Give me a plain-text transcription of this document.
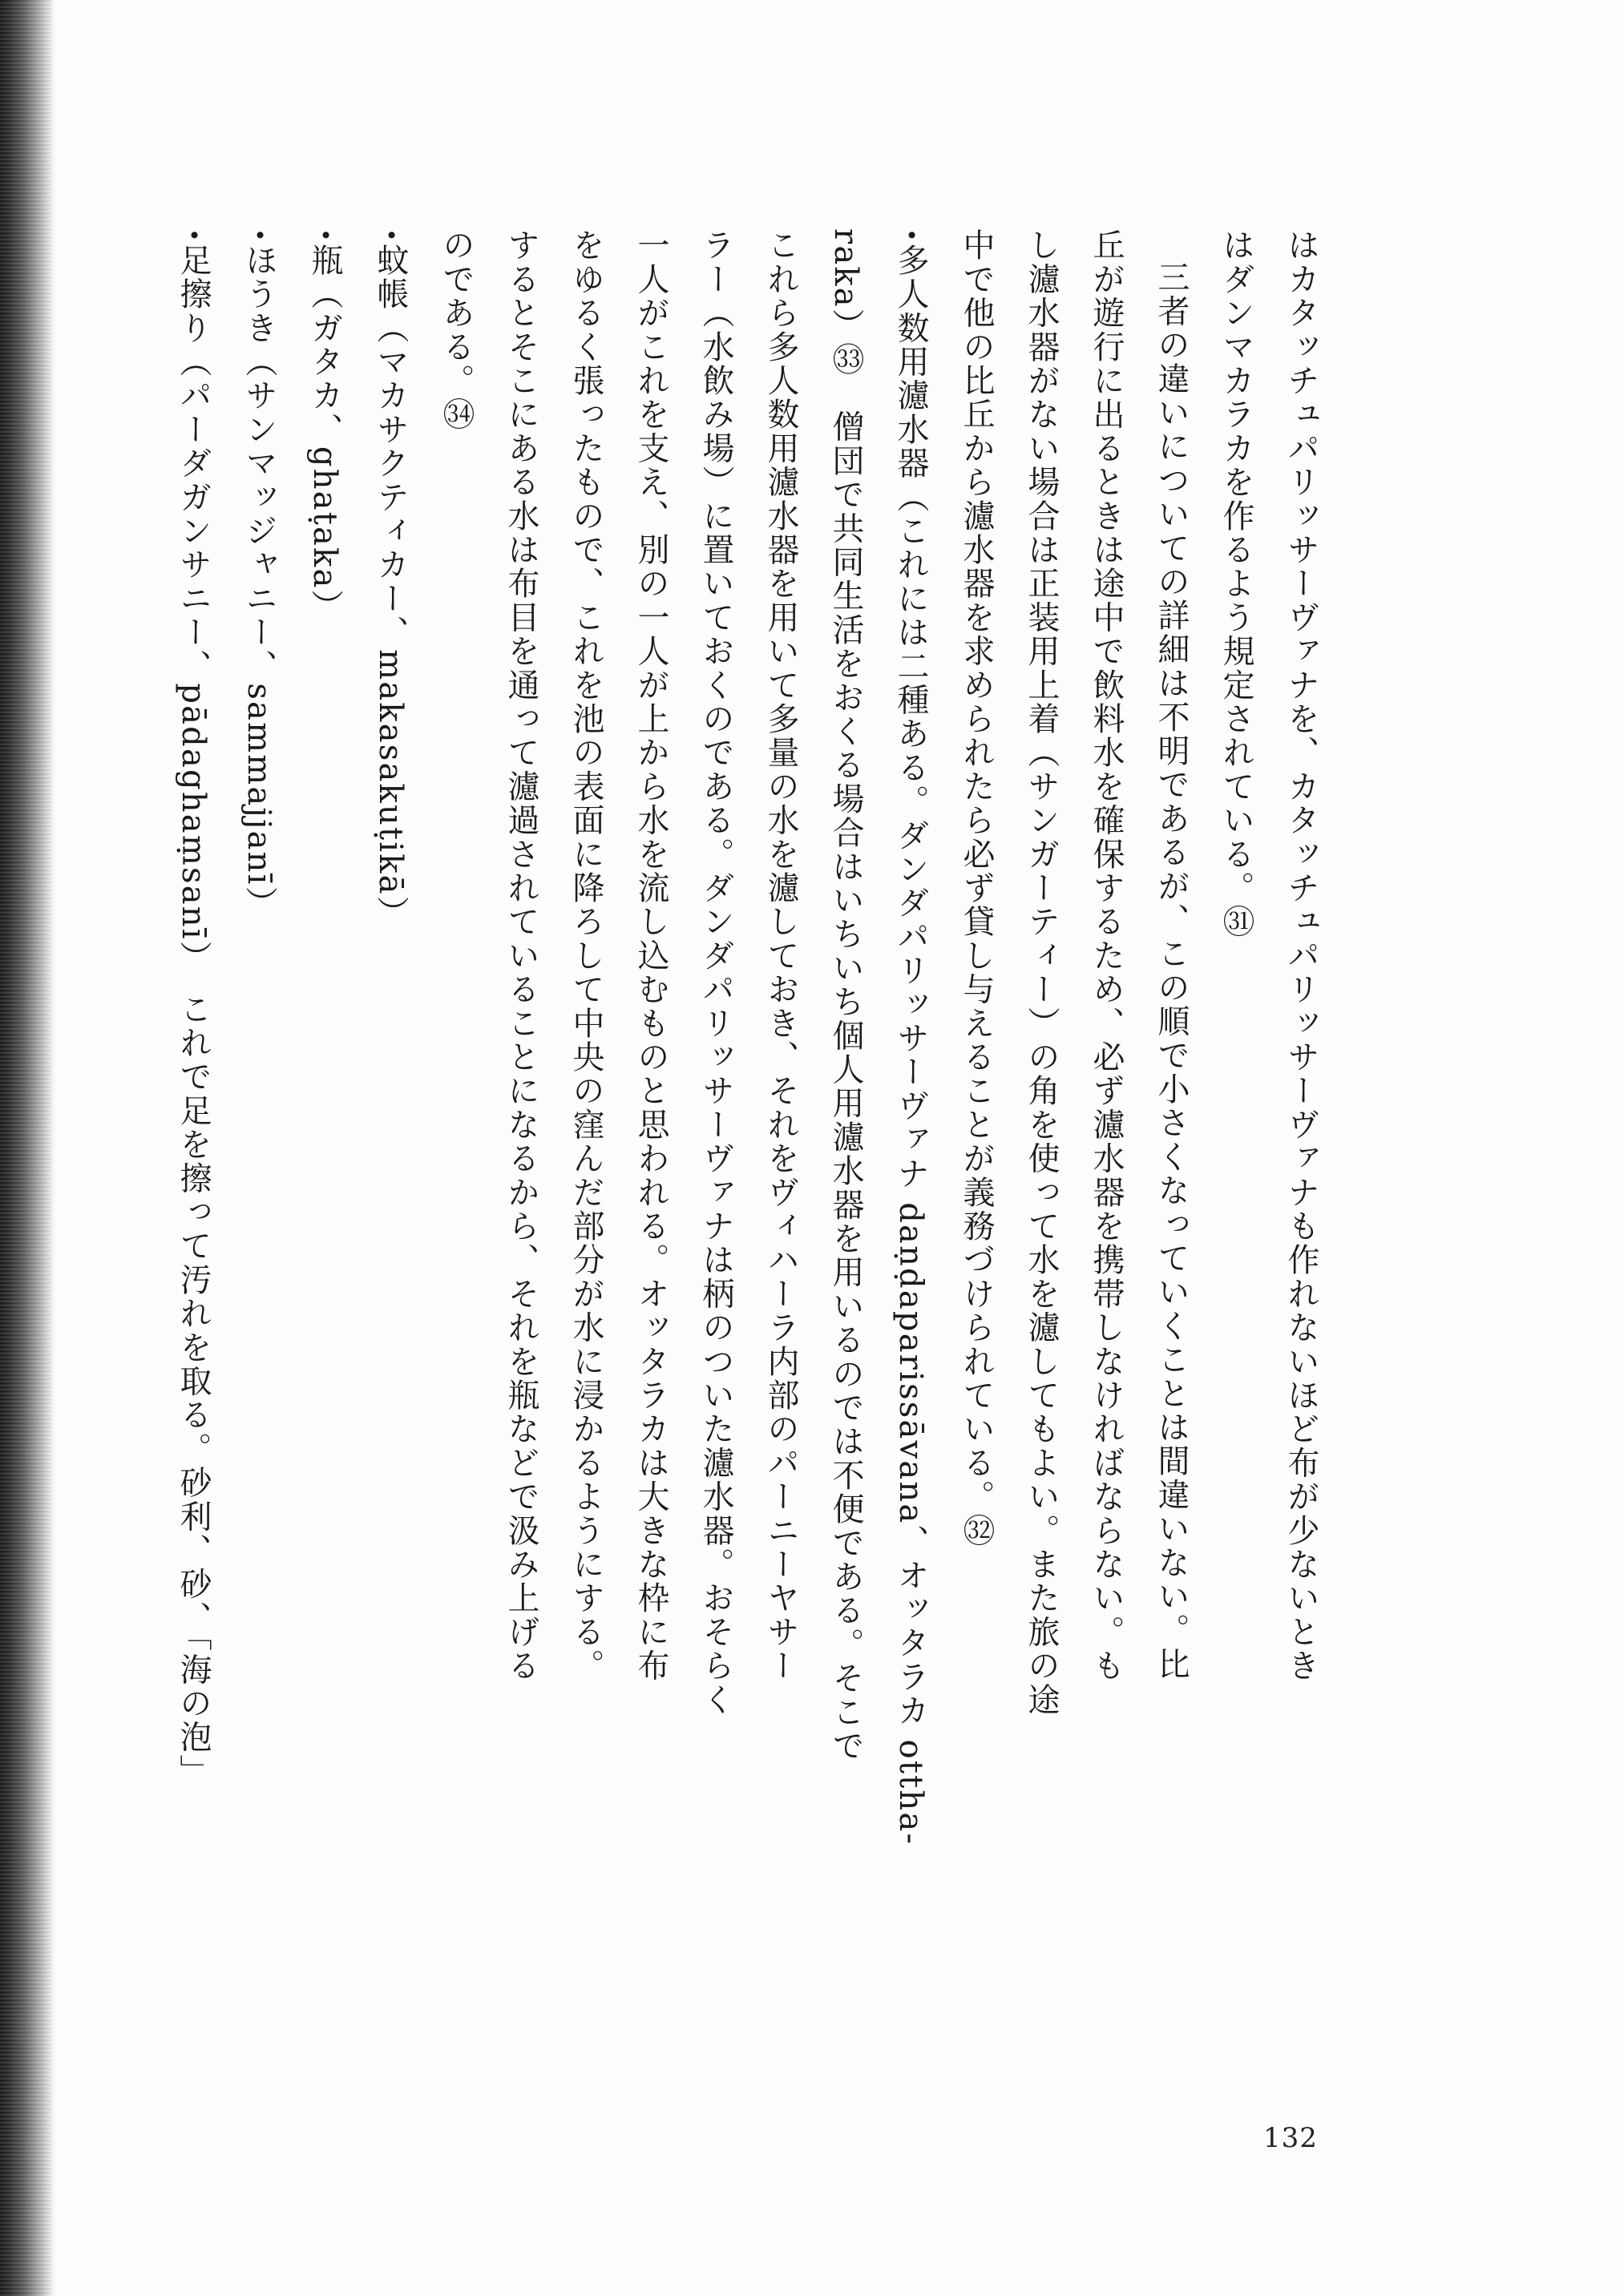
はカタッチュパリッサーヴァナを、カタッチュパリッサーヴァナも作れないほど布が少ないとき

はダンマカラカを作るよう規定されている。㉛

三者の違いについての詳細は不明であるが、この順で小さくなっていくことは間違いない。比

丘が遊行に出るときは途中で飲料水を確保するため、必ず濾水器を携帯しなければならない。も

し濾水器がない場合は正装用上着（サンガーティー）の角を使って水を濾してもよい。また旅の途

中で他の比丘から濾水器を求められたら必ず貸し与えることが義務づけられている。㉜

•多人数用濾水器（これには二種ある。ダンダパリッサーヴァナ daṇḍaparissāvana、オッタラカ ottha-

raka）㉝　僧団で共同生活をおくる場合はいちいち個人用濾水器を用いるのでは不便である。そこで

これら多人数用濾水器を用いて多量の水を濾しておき、それをヴィハーラ内部のパーニーヤサー

ラー（水飲み場）に置いておくのである。ダンダパリッサーヴァナは柄のついた濾水器。おそらく

一人がこれを支え、別の一人が上から水を流し込むものと思われる。オッタラカは大きな枠に布

をゆるく張ったもので、これを池の表面に降ろして中央の窪んだ部分が水に浸かるようにする。

するとそこにある水は布目を通って濾過されていることになるから、それを瓶などで汲み上げる

のである。㉞

•蚊帳（マカサクティカー、makasakuṭikā）

•瓶（ガタカ、ghaṭaka）

•ほうき（サンマッジャニー、sammajjanī）

•足擦り（パーダガンサニー、pādaghaṃsanī）　これで足を擦って汚れを取る。砂利、砂、「海の泡」

132
